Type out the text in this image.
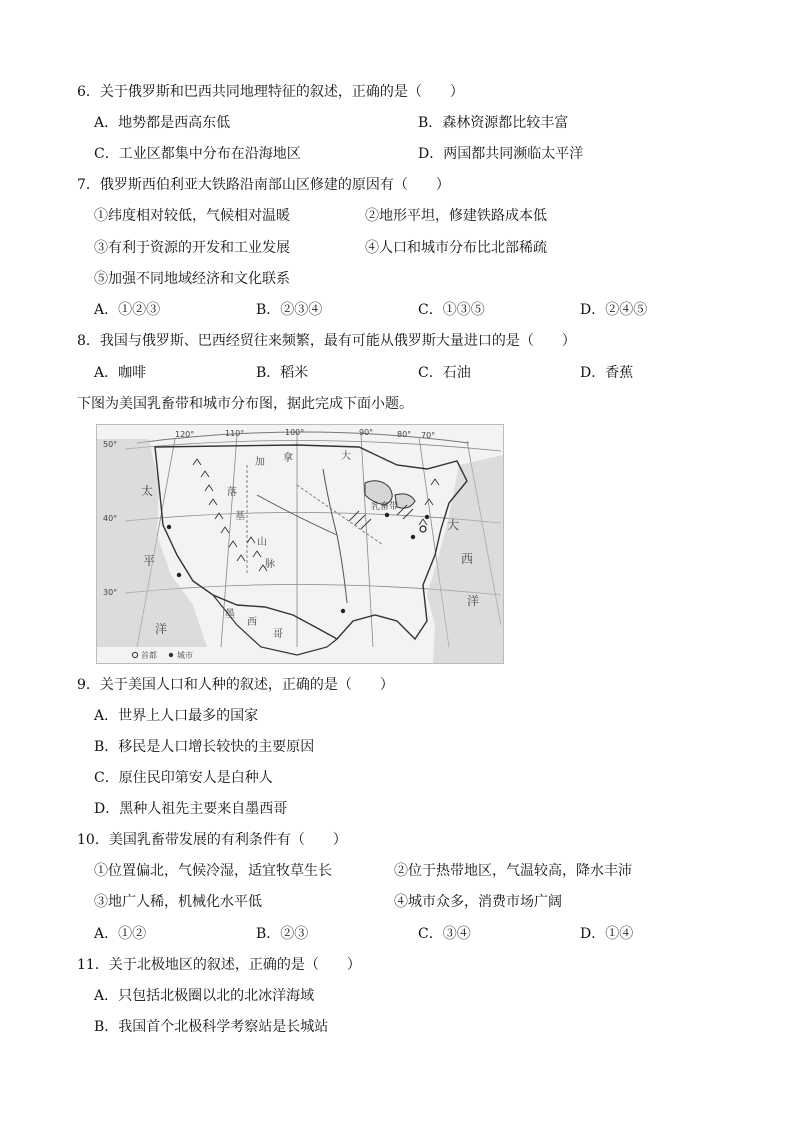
6．关于俄罗斯和巴西共同地理特征的叙述，正确的是（　　）
A．地势都是西高东低	B．森林资源都比较丰富
C．工业区都集中分布在沿海地区	D．两国都共同濒临太平洋
7．俄罗斯西伯利亚大铁路沿南部山区修建的原因有（　　）
①纬度相对较低，气候相对温暖	②地形平坦，修建铁路成本低
③有利于资源的开发和工业发展	④人口和城市分布比北部稀疏
⑤加强不同地域经济和文化联系
A．①②③	B．②③④	C．①③⑤	D．②④⑤
8．我国与俄罗斯、巴西经贸往来频繁，最有可能从俄罗斯大量进口的是（　　）
A．咖啡	B．稻米	C．石油	D．香蕉
下图为美国乳畜带和城市分布图，据此完成下面小题。
120°	110°	100°	90°	80° 70°
50°
40°
30°
太
平
洋
加 拿	大
落
基
山
脉
墨
西
哥
大
西
洋
乳畜带
首都	城市
9．关于美国人口和人种的叙述，正确的是（　　）
A．世界上人口最多的国家
B．移民是人口增长较快的主要原因
C．原住民印第安人是白种人
D．黑种人祖先主要来自墨西哥
10．美国乳畜带发展的有利条件有（　　）
①位置偏北，气候冷湿，适宜牧草生长	②位于热带地区，气温较高，降水丰沛
③地广人稀，机械化水平低	④城市众多，消费市场广阔
A．①②	B．②③	C．③④	D．①④
11．关于北极地区的叙述，正确的是（　　）
A．只包括北极圈以北的北冰洋海域
B．我国首个北极科学考察站是长城站
